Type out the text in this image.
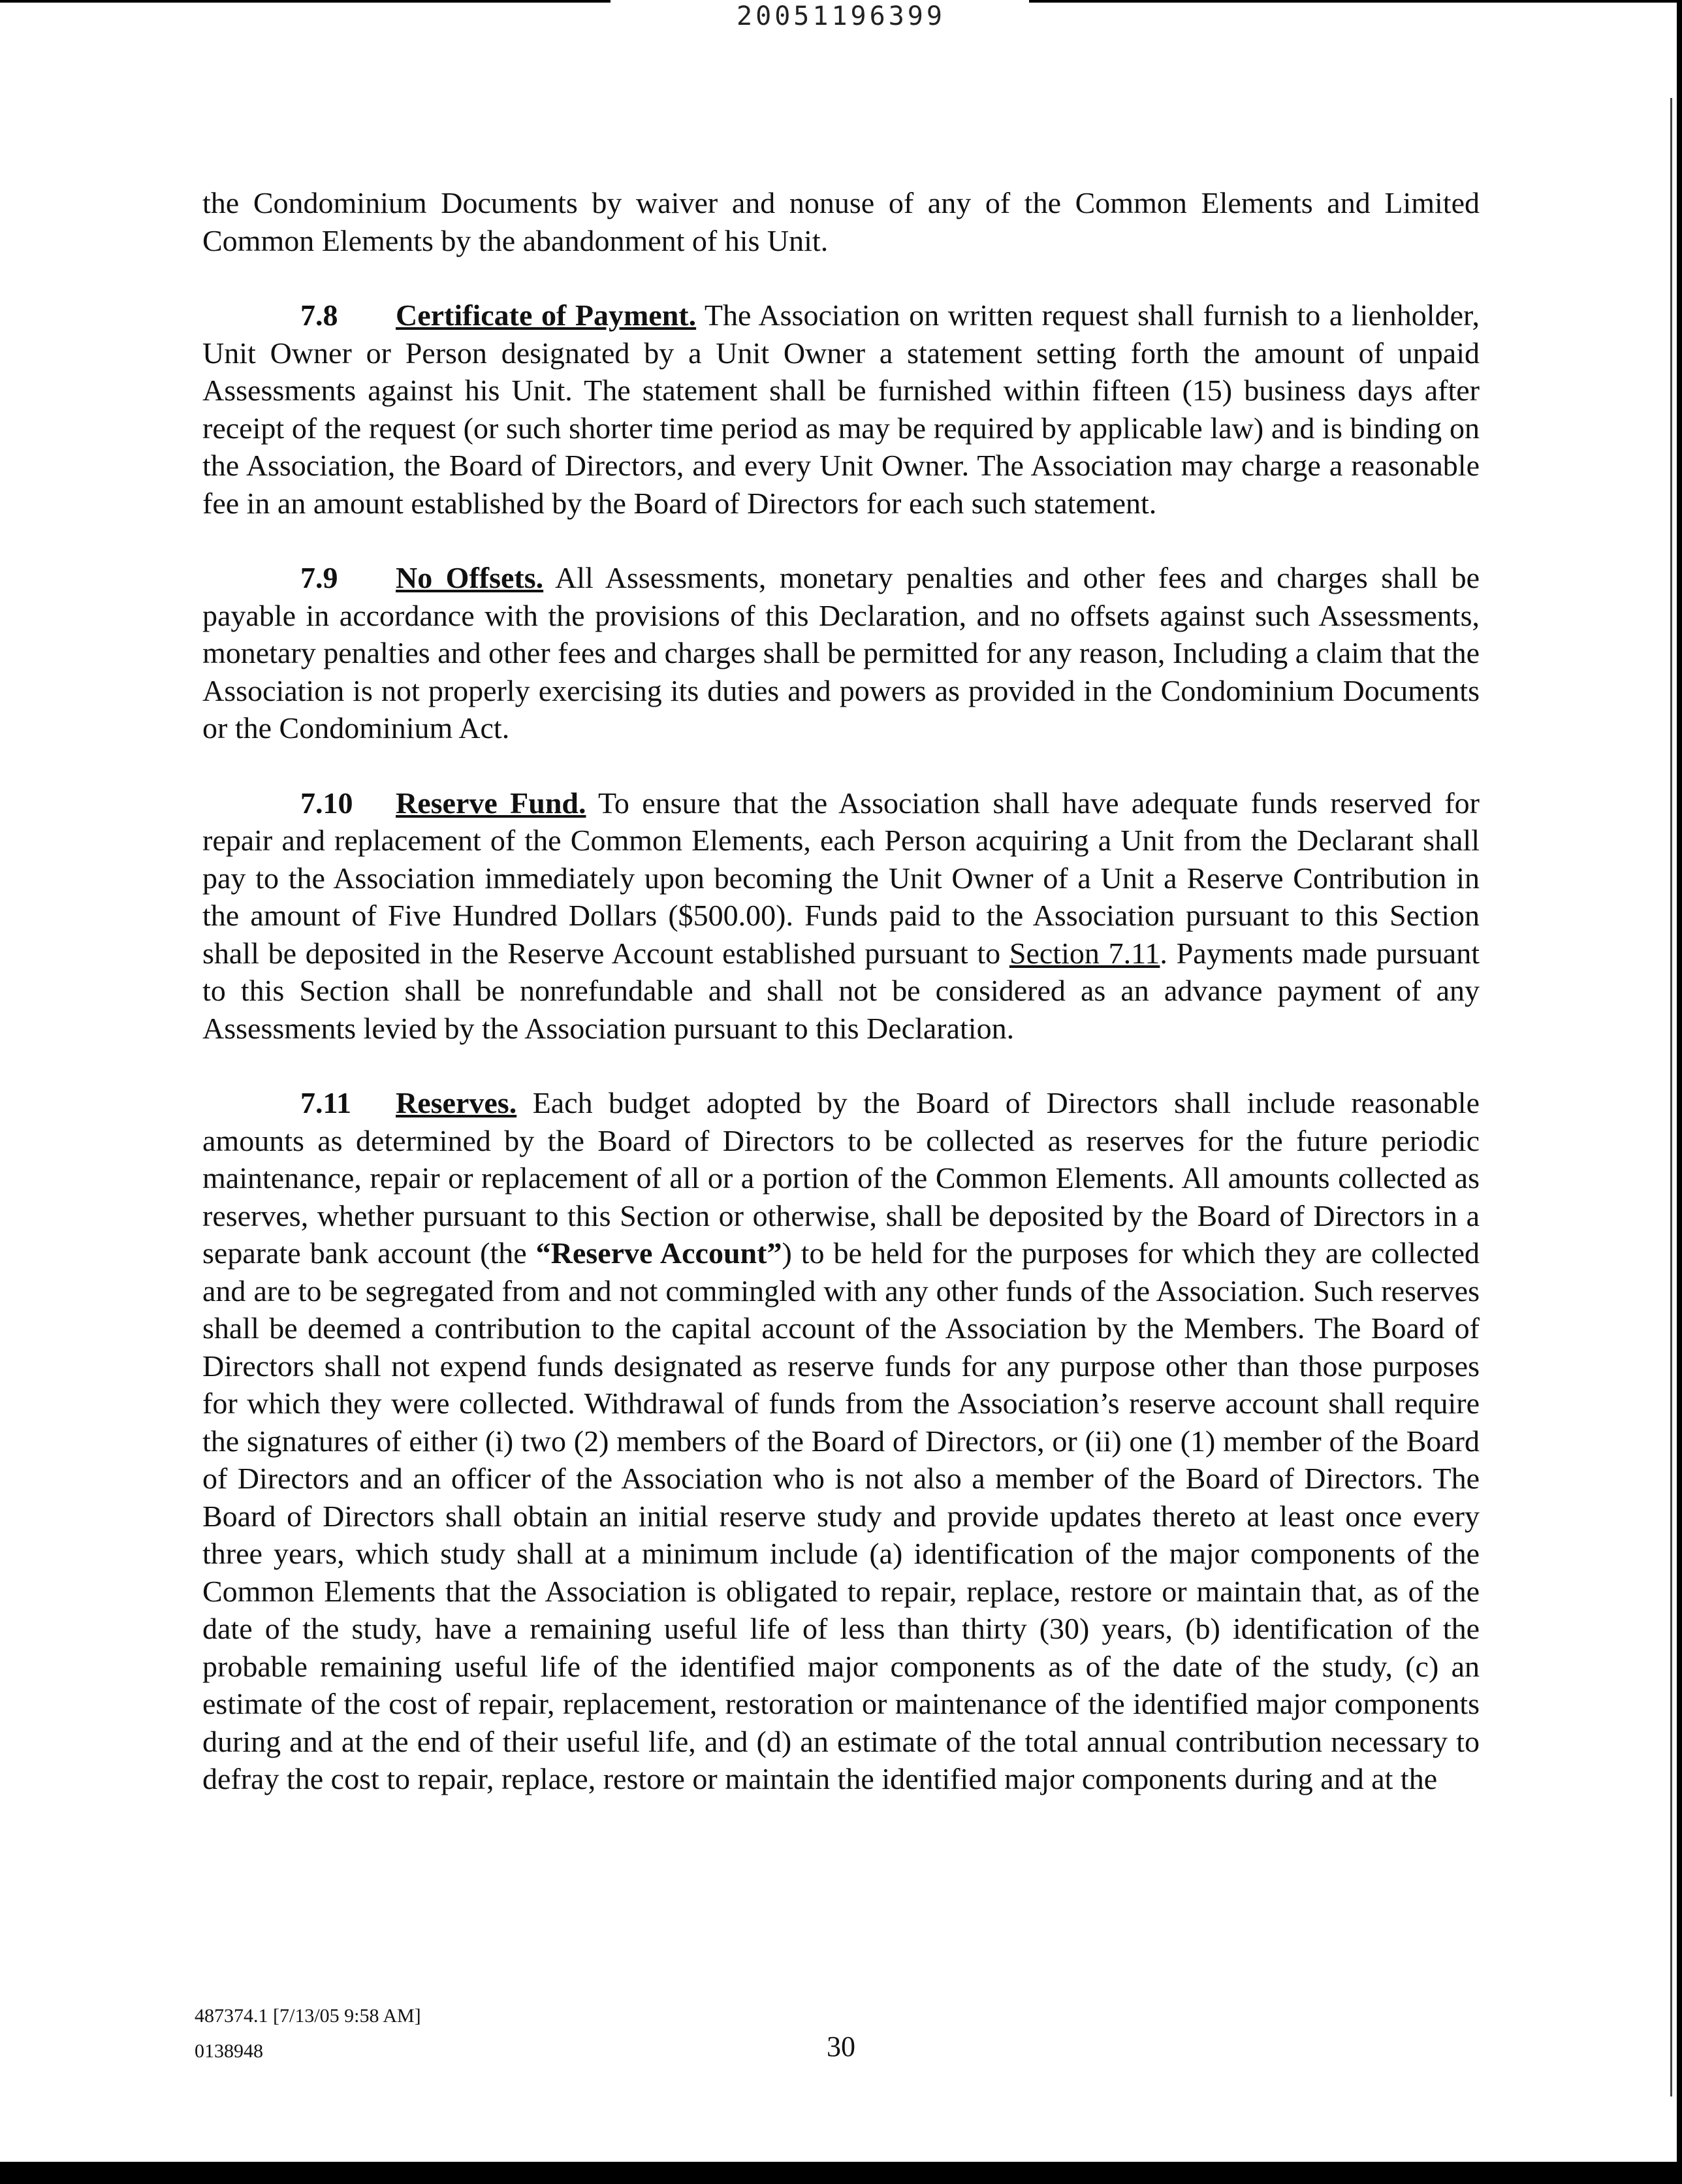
20051196399

the Condominium Documents by waiver and nonuse of any of the Common Elements and Limited Common Elements by the abandonment of his Unit.

7.8 Certificate of Payment. The Association on written request shall furnish to a lienholder, Unit Owner or Person designated by a Unit Owner a statement setting forth the amount of unpaid Assessments against his Unit. The statement shall be furnished within fifteen (15) business days after receipt of the request (or such shorter time period as may be required by applicable law) and is binding on the Association, the Board of Directors, and every Unit Owner. The Association may charge a reasonable fee in an amount established by the Board of Directors for each such statement.

7.9 No Offsets. All Assessments, monetary penalties and other fees and charges shall be payable in accordance with the provisions of this Declaration, and no offsets against such Assessments, monetary penalties and other fees and charges shall be permitted for any reason, Including a claim that the Association is not properly exercising its duties and powers as provided in the Condominium Documents or the Condominium Act.

7.10 Reserve Fund. To ensure that the Association shall have adequate funds reserved for repair and replacement of the Common Elements, each Person acquiring a Unit from the Declarant shall pay to the Association immediately upon becoming the Unit Owner of a Unit a Reserve Contribution in the amount of Five Hundred Dollars ($500.00). Funds paid to the Association pursuant to this Section shall be deposited in the Reserve Account established pursuant to Section 7.11. Payments made pursuant to this Section shall be nonrefundable and shall not be considered as an advance payment of any Assessments levied by the Association pursuant to this Declaration.

7.11 Reserves. Each budget adopted by the Board of Directors shall include reasonable amounts as determined by the Board of Directors to be collected as reserves for the future periodic maintenance, repair or replacement of all or a portion of the Common Elements. All amounts collected as reserves, whether pursuant to this Section or otherwise, shall be deposited by the Board of Directors in a separate bank account (the “Reserve Account”) to be held for the purposes for which they are collected and are to be segregated from and not commingled with any other funds of the Association. Such reserves shall be deemed a contribution to the capital account of the Association by the Members. The Board of Directors shall not expend funds designated as reserve funds for any purpose other than those purposes for which they were collected. Withdrawal of funds from the Association’s reserve account shall require the signatures of either (i) two (2) members of the Board of Directors, or (ii) one (1) member of the Board of Directors and an officer of the Association who is not also a member of the Board of Directors. The Board of Directors shall obtain an initial reserve study and provide updates thereto at least once every three years, which study shall at a minimum include (a) identification of the major components of the Common Elements that the Association is obligated to repair, replace, restore or maintain that, as of the date of the study, have a remaining useful life of less than thirty (30) years, (b) identification of the probable remaining useful life of the identified major components as of the date of the study, (c) an estimate of the cost of repair, replacement, restoration or maintenance of the identified major components during and at the end of their useful life, and (d) an estimate of the total annual contribution necessary to defray the cost to repair, replace, restore or maintain the identified major components during and at the

487374.1 [7/13/05 9:58 AM]
0138948	30
